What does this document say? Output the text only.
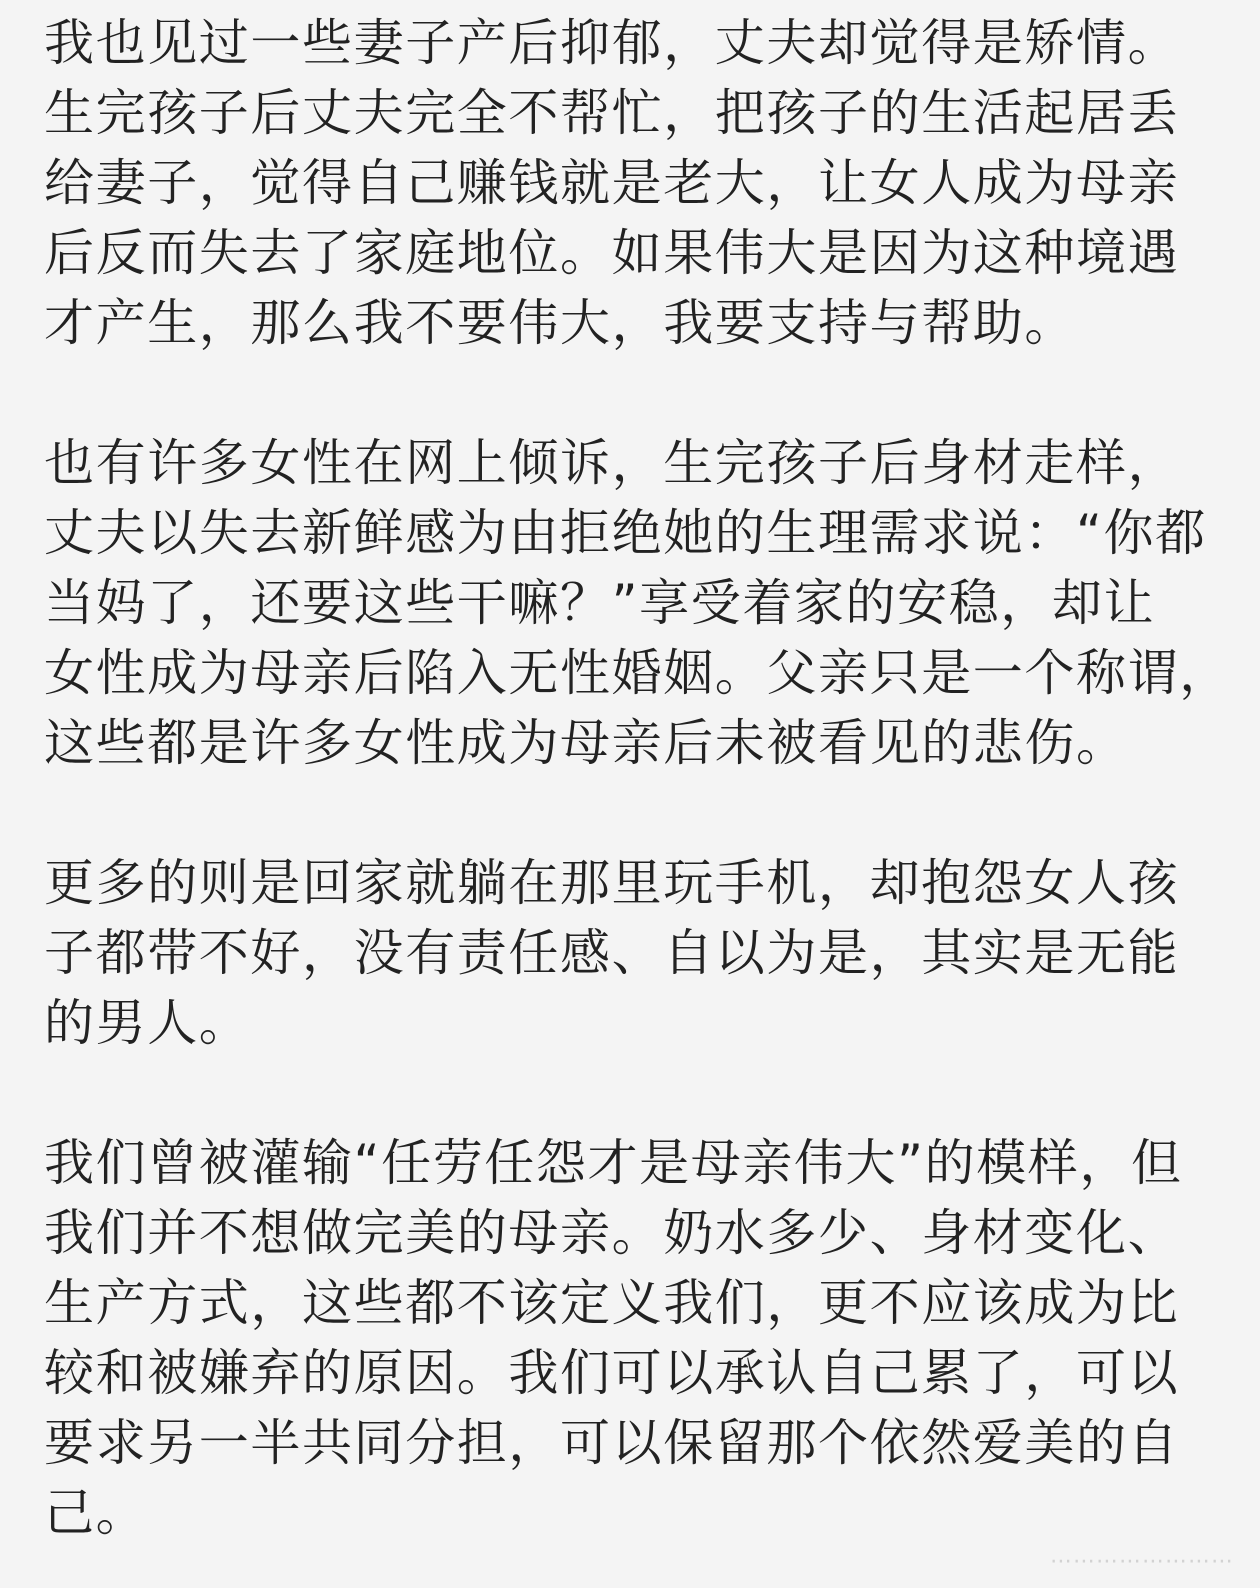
我也见过一些妻子产后抑郁，丈夫却觉得是矫情。
生完孩子后丈夫完全不帮忙，把孩子的生活起居丢
给妻子，觉得自己赚钱就是老大，让女人成为母亲
后反而失去了家庭地位。如果伟大是因为这种境遇
才产生，那么我不要伟大，我要支持与帮助。
也有许多女性在网上倾诉，生完孩子后身材走样，
丈夫以失去新鲜感为由拒绝她的生理需求说：“你都
当妈了，还要这些干嘛？”享受着家的安稳，却让
女性成为母亲后陷入无性婚姻。父亲只是一个称谓，
这些都是许多女性成为母亲后未被看见的悲伤。
更多的则是回家就躺在那里玩手机，却抱怨女人孩
子都带不好，没有责任感、自以为是，其实是无能
的男人。
我们曾被灌输“任劳任怨才是母亲伟大”的模样，但
我们并不想做完美的母亲。奶水多少、身材变化、
生产方式，这些都不该定义我们，更不应该成为比
较和被嫌弃的原因。我们可以承认自己累了，可以
要求另一半共同分担，可以保留那个依然爱美的自
己。
⋯⋯⋯⋯⋯⋯⋯⋯
